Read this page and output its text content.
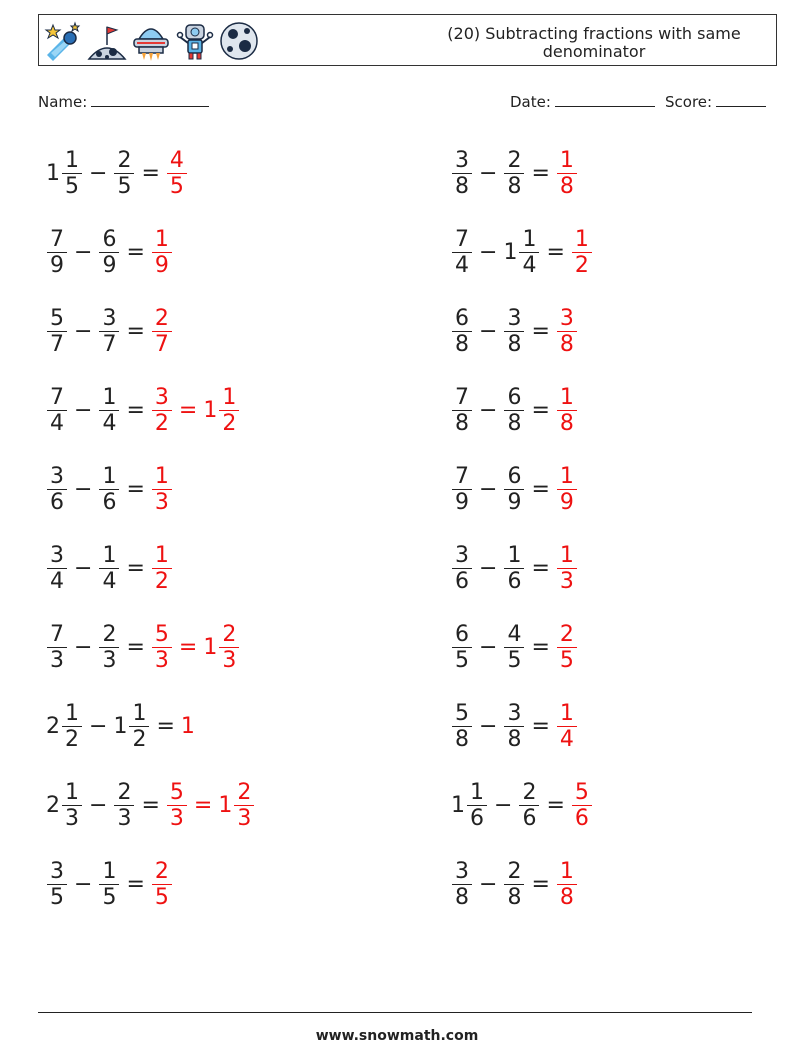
(20) Subtracting fractions with same denominator
Name:	Date:	Score:
$1 \frac{1}{5} - \frac{2}{5} = \frac{4}{5}$	$\frac{3}{8} - \frac{2}{8} = \frac{1}{8}$
$\frac{7}{9} - \frac{6}{9} = \frac{1}{9}$	$\frac{7}{4} - 1 \frac{1}{4} = \frac{1}{2}$
$\frac{5}{7} - \frac{3}{7} = \frac{2}{7}$	$\frac{6}{8} - \frac{3}{8} = \frac{3}{8}$
$\frac{7}{4} - \frac{1}{4} = \frac{3}{2} = 1 \frac{1}{2}$	$\frac{7}{8} - \frac{6}{8} = \frac{1}{8}$
$\frac{3}{6} - \frac{1}{6} = \frac{1}{3}$	$\frac{7}{9} - \frac{6}{9} = \frac{1}{9}$
$\frac{3}{4} - \frac{1}{4} = \frac{1}{2}$	$\frac{3}{6} - \frac{1}{6} = \frac{1}{3}$
$\frac{7}{3} - \frac{2}{3} = \frac{5}{3} = 1 \frac{2}{3}$	$\frac{6}{5} - \frac{4}{5} = \frac{2}{5}$
$2 \frac{1}{2} - 1 \frac{1}{2} = 1$	$\frac{5}{8} - \frac{3}{8} = \frac{1}{4}$
$2 \frac{1}{3} - \frac{2}{3} = \frac{5}{3} = 1 \frac{2}{3}$	$1 \frac{1}{6} - \frac{2}{6} = \frac{5}{6}$
$\frac{3}{5} - \frac{1}{5} = \frac{2}{5}$	$\frac{3}{8} - \frac{2}{8} = \frac{1}{8}$
www.snowmath.com
